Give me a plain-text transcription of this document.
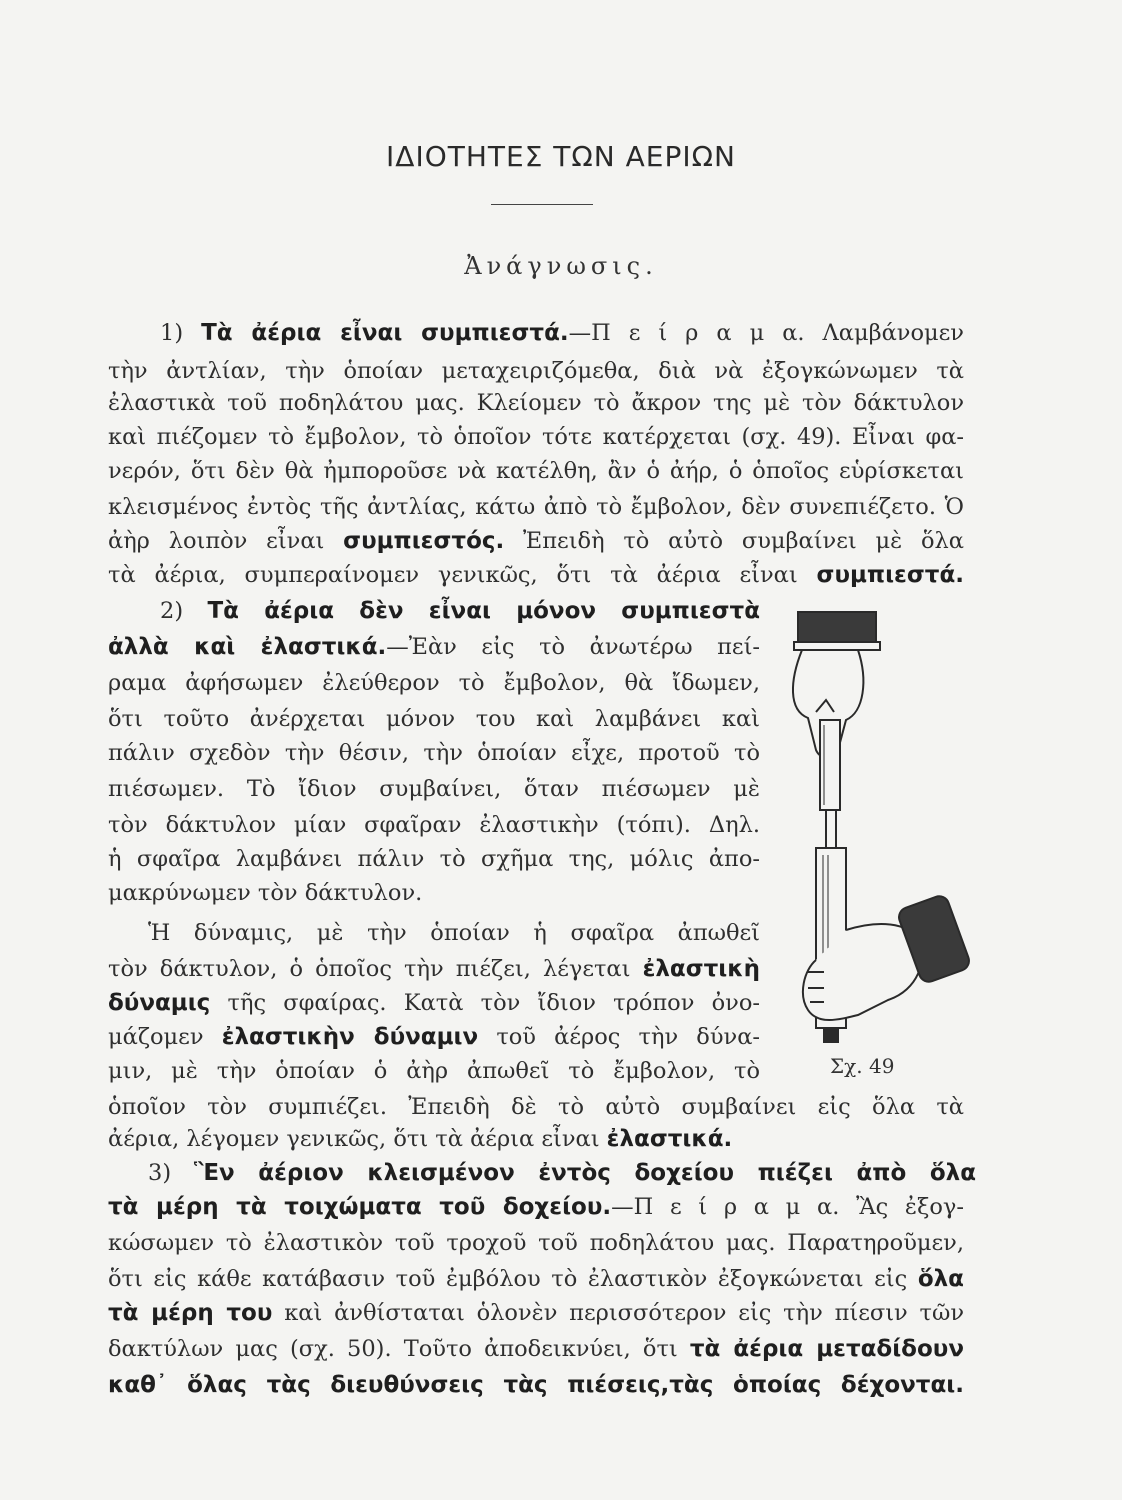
ΙΔΙΟΤΗΤΕΣ ΤΩΝ ΑΕΡΙΩΝ
Ἀνάγνωσις.
1) Τὰ ἀέρια εἶναι συμπιεστά.—Π ε ί ρ α μ α. Λαμβάνομεν
τὴν ἀντλίαν, τὴν ὁποίαν μεταχειριζόμεθα, διὰ νὰ ἐξογκώνωμεν τὰ
ἐλαστικὰ τοῦ ποδηλάτου μας. Κλείομεν τὸ ἄκρον της μὲ τὸν δάκτυλον
καὶ πιέζομεν τὸ ἔμβολον, τὸ ὁποῖον τότε κατέρχεται (σχ. 49). Εἶναι φα-
νερόν, ὅτι δὲν θὰ ἠμποροῦσε νὰ κατέλθη, ἂν ὁ ἀήρ, ὁ ὁποῖος εὑρίσκεται
κλεισμένος ἐντὸς τῆς ἀντλίας, κάτω ἀπὸ τὸ ἔμβολον, δὲν συνεπιέζετο. Ὁ
ἀὴρ λοιπὸν εἶναι συμπιεστός. Ἐπειδὴ τὸ αὐτὸ συμβαίνει μὲ ὅλα
τὰ ἀέρια, συμπεραίνομεν γενικῶς, ὅτι τὰ ἀέρια εἶναι συμπιεστά.
2) Τὰ ἀέρια δὲν εἶναι μόνον συμπιεστὰ
ἀλλὰ καὶ ἐλαστικά.—Ἐὰν εἰς τὸ ἀνωτέρω πεί-
ραμα ἀφήσωμεν ἐλεύθερον τὸ ἔμβολον, θὰ ἴδωμεν,
ὅτι τοῦτο ἀνέρχεται μόνον του καὶ λαμβάνει καὶ
πάλιν σχεδὸν τὴν θέσιν, τὴν ὁποίαν εἶχε, προτοῦ τὸ
πιέσωμεν. Τὸ ἴδιον συμβαίνει, ὅταν πιέσωμεν μὲ
τὸν δάκτυλον μίαν σφαῖραν ἐλαστικὴν (τόπι). Δηλ.
ἡ σφαῖρα λαμβάνει πάλιν τὸ σχῆμα της, μόλις ἀπο-
μακρύνωμεν τὸν δάκτυλον.
Ἡ δύναμις, μὲ τὴν ὁποίαν ἡ σφαῖρα ἀπωθεῖ
τὸν δάκτυλον, ὁ ὁποῖος τὴν πιέζει, λέγεται ἐλαστικὴ
δύναμις τῆς σφαίρας. Κατὰ τὸν ἴδιον τρόπον ὀνο-
μάζομεν ἐλαστικὴν δύναμιν τοῦ ἀέρος τὴν δύνα-
μιν, μὲ τὴν ὁποίαν ὁ ἀὴρ ἀπωθεῖ τὸ ἔμβολον, τὸ
ὁποῖον τὸν συμπιέζει. Ἐπειδὴ δὲ τὸ αὐτὸ συμβαίνει εἰς ὅλα τὰ
ἀέρια, λέγομεν γενικῶς, ὅτι τὰ ἀέρια εἶναι ἐλαστικά.
Σχ. 49
3) Ἓν ἀέριον κλεισμένον ἐντὸς δοχείου πιέζει ἀπὸ ὅλα
τὰ μέρη τὰ τοιχώματα τοῦ δοχείου.—Π ε ί ρ α μ α. Ἂς ἐξογ-
κώσωμεν τὸ ἐλαστικὸν τοῦ τροχοῦ τοῦ ποδηλάτου μας. Παρατηροῦμεν,
ὅτι εἰς κάθε κατάβασιν τοῦ ἐμβόλου τὸ ἐλαστικὸν ἐξογκώνεται εἰς ὅλα
τὰ μέρη του καὶ ἀνθίσταται ὁλονὲν περισσότερον εἰς τὴν πίεσιν τῶν
δακτύλων μας (σχ. 50). Τοῦτο ἀποδεικνύει, ὅτι τὰ ἀέρια μεταδίδουν
καθ᾽ ὅλας τὰς διευθύνσεις τὰς πιέσεις,τὰς ὁποίας δέχονται.
